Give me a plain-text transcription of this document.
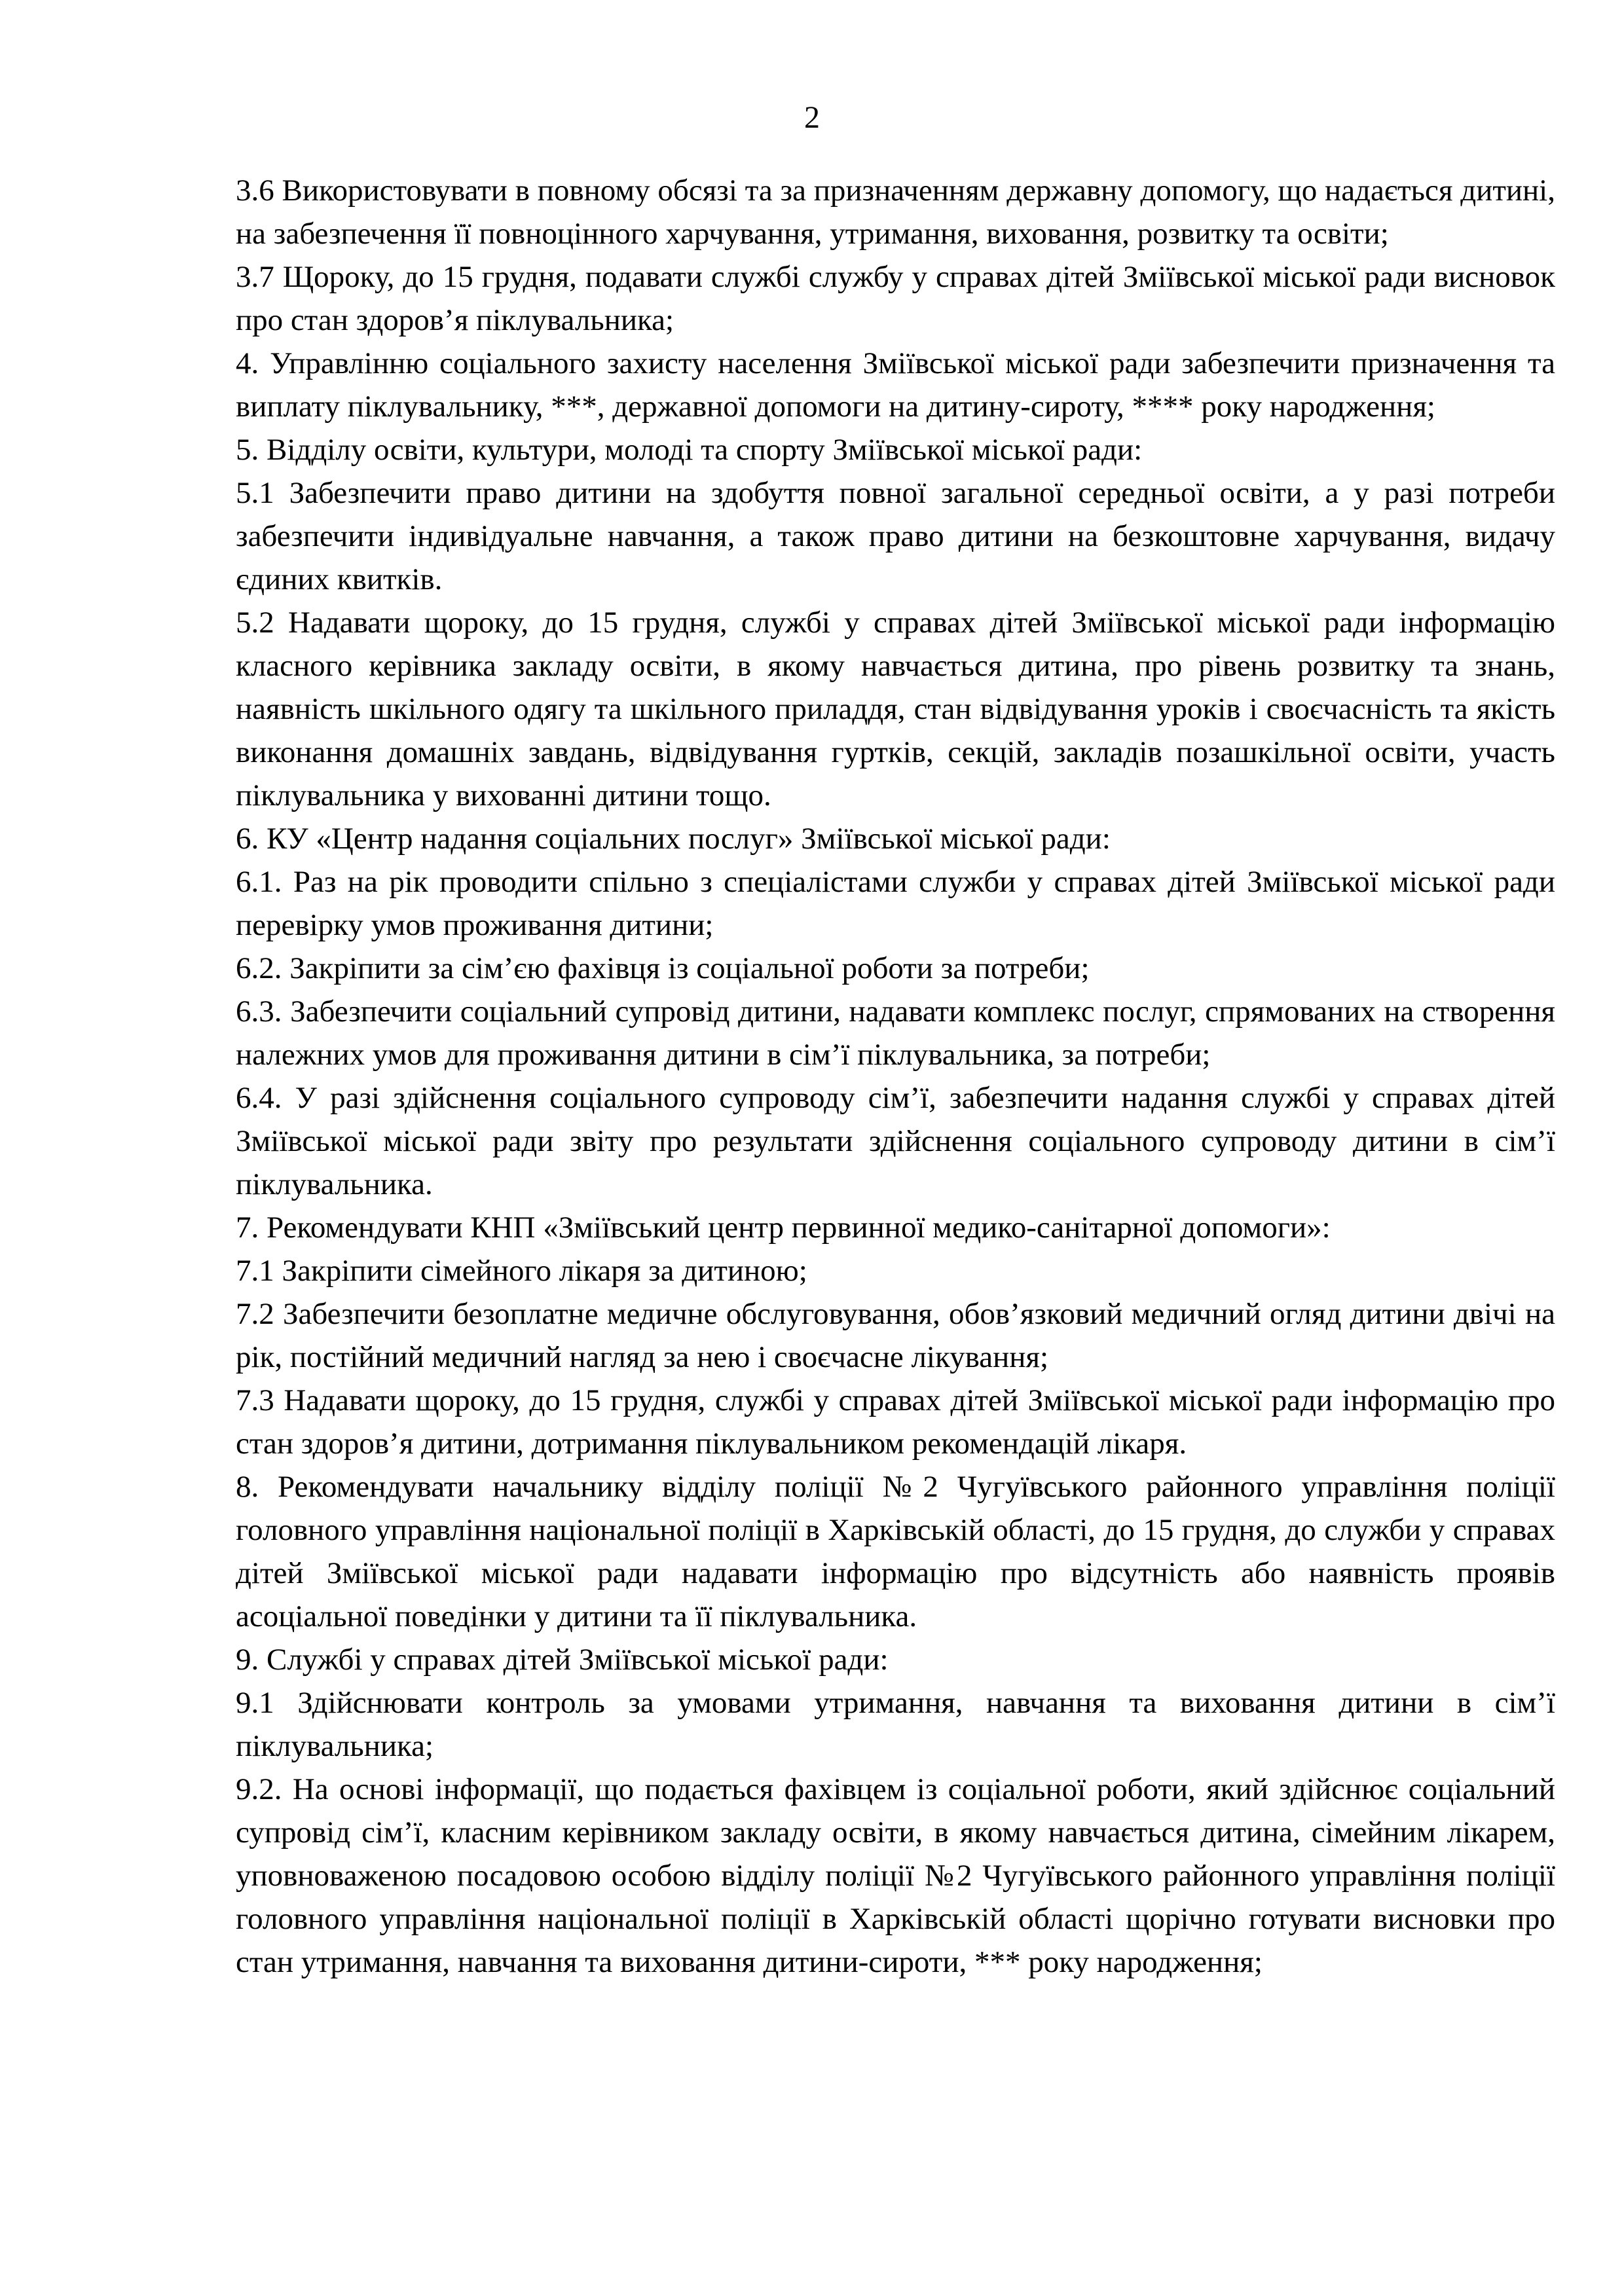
2

3.6 Використовувати в повному обсязі та за призначенням державну допомогу, що надається дитині, на забезпечення її повноцінного харчування, утримання, виховання, розвитку та освіти;

3.7 Щороку, до 15 грудня, подавати службі службу у справах дітей Зміївської міської ради висновок про стан здоров’я піклувальника;

4. Управлінню соціального захисту населення Зміївської міської ради забезпечити призначення та виплату піклувальнику, ***, державної допомоги на дитину-сироту, **** року народження;

5. Відділу освіти, культури, молоді та спорту Зміївської міської ради:

5.1 Забезпечити право дитини на здобуття повної загальної середньої освіти, а у разі потреби забезпечити індивідуальне навчання, а також право дитини на безкоштовне харчування, видачу єдиних квитків.

5.2 Надавати щороку, до 15 грудня, службі у справах дітей Зміївської міської ради інформацію класного керівника закладу освіти, в якому навчається дитина, про рівень розвитку та знань, наявність шкільного одягу та шкільного приладдя, стан відвідування уроків і своєчасність та якість виконання домашніх завдань, відвідування гуртків, секцій, закладів позашкільної освіти, участь піклувальника у вихованні дитини тощо.

6. КУ «Центр надання соціальних послуг» Зміївської міської ради:

6.1. Раз на рік проводити спільно з спеціалістами служби у справах дітей Зміївської міської ради перевірку умов проживання дитини;

6.2. Закріпити за сім’єю фахівця із соціальної роботи за потреби;

6.3. Забезпечити соціальний супровід дитини, надавати комплекс послуг, спрямованих на створення належних умов для проживання дитини в сім’ї піклувальника, за потреби;

6.4. У разі здійснення соціального супроводу сім’ї, забезпечити надання службі у справах дітей Зміївської міської ради звіту про результати здійснення соціального супроводу дитини в сім’ї піклувальника.

7. Рекомендувати КНП «Зміївський центр первинної медико-санітарної допомоги»:

7.1 Закріпити сімейного лікаря за дитиною;

7.2 Забезпечити безоплатне медичне обслуговування, обов’язковий медичний огляд дитини двічі на рік, постійний медичний нагляд за нею і своєчасне лікування;

7.3 Надавати щороку, до 15 грудня, службі у справах дітей Зміївської міської ради інформацію про стан здоров’я дитини, дотримання піклувальником рекомендацій лікаря.

8. Рекомендувати начальнику відділу поліції №2 Чугуївського районного управління поліції головного управління національної поліції в Харківській області, до 15 грудня, до служби у справах дітей Зміївської міської ради надавати інформацію про відсутність або наявність проявів асоціальної поведінки у дитини та її піклувальника.

9. Службі у справах дітей Зміївської міської ради:

9.1 Здійснювати контроль за умовами утримання, навчання та виховання дитини в сім’ї піклувальника;

9.2. На основі інформації, що подається фахівцем із соціальної роботи, який здійснює соціальний супровід сім’ї, класним керівником закладу освіти, в якому навчається дитина, сімейним лікарем, уповноваженою посадовою особою відділу поліції №2 Чугуївського районного управління поліції головного управління національної поліції в Харківській області щорічно готувати висновки про стан утримання, навчання та виховання дитини-сироти, *** року народження;
